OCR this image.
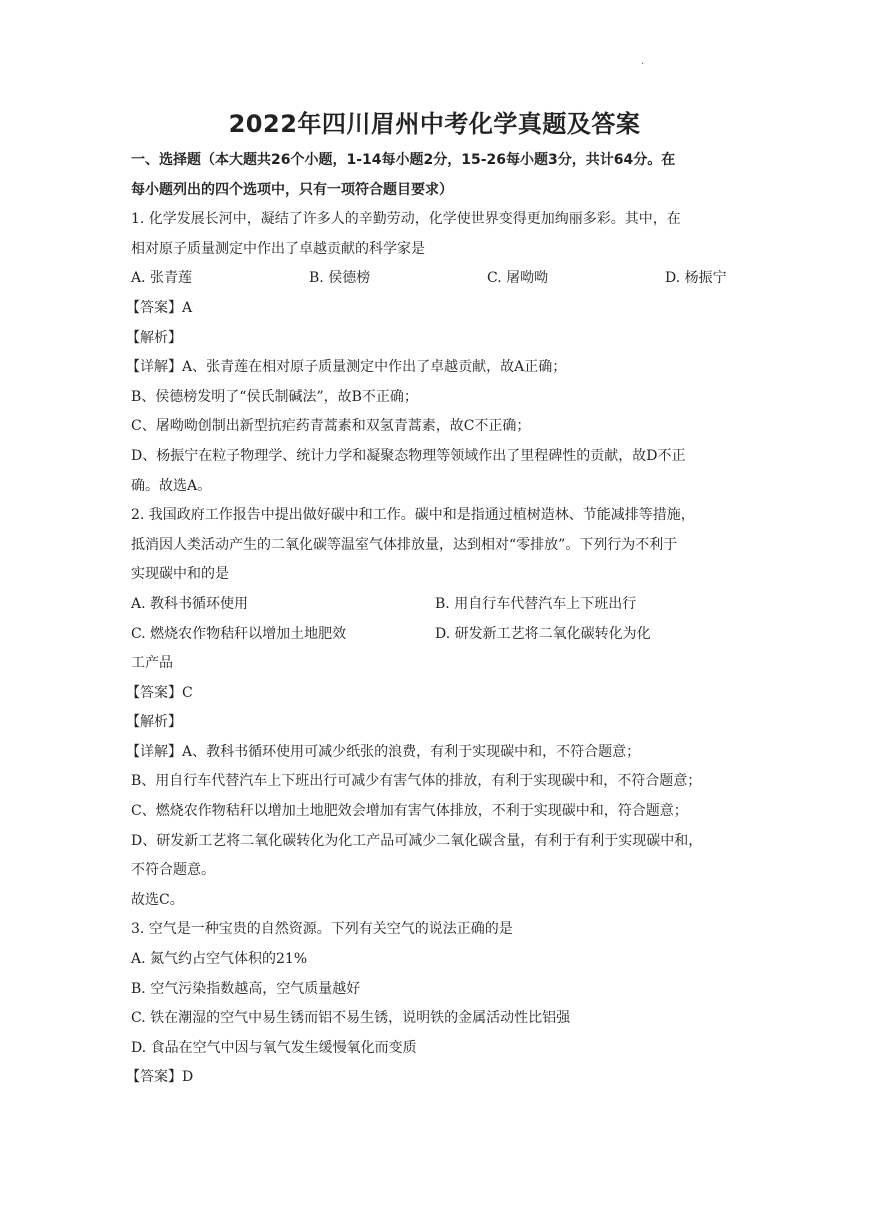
.
2022年四川眉州中考化学真题及答案
一、选择题（本大题共26个小题，1-14每小题2分，15-26每小题3分，共计64分。在
每小题列出的四个选项中，只有一项符合题目要求）
1. 化学发展长河中，凝结了许多人的辛勤劳动，化学使世界变得更加绚丽多彩。其中，在
相对原子质量测定中作出了卓越贡献的科学家是
A. 张青莲	B. 侯德榜	C. 屠呦呦	D. 杨振宁
【答案】A
【解析】
【详解】A、张青莲在相对原子质量测定中作出了卓越贡献，故A正确；
B、侯德榜发明了“侯氏制碱法”，故B不正确；
C、屠呦呦创制出新型抗疟药青蒿素和双氢青蒿素，故C不正确；
D、杨振宁在粒子物理学、统计力学和凝聚态物理等领域作出了里程碑性的贡献，故D不正
确。故选A。
2. 我国政府工作报告中提出做好碳中和工作。碳中和是指通过植树造林、节能减排等措施，
抵消因人类活动产生的二氧化碳等温室气体排放量，达到相对“零排放”。下列行为不利于
实现碳中和的是
A. 教科书循环使用	B. 用自行车代替汽车上下班出行
C. 燃烧农作物秸秆以增加土地肥效	D. 研发新工艺将二氧化碳转化为化
工产品
【答案】C
【解析】
【详解】A、教科书循环使用可减少纸张的浪费，有利于实现碳中和，不符合题意；
B、用自行车代替汽车上下班出行可减少有害气体的排放，有利于实现碳中和，不符合题意；
C、燃烧农作物秸秆以增加土地肥效会增加有害气体排放，不利于实现碳中和，符合题意；
D、研发新工艺将二氧化碳转化为化工产品可减少二氧化碳含量，有利于有利于实现碳中和，
不符合题意。
故选C。
3. 空气是一种宝贵的自然资源。下列有关空气的说法正确的是
A. 氮气约占空气体积的21%
B. 空气污染指数越高，空气质量越好
C. 铁在潮湿的空气中易生锈而铝不易生锈，说明铁的金属活动性比铝强
D. 食品在空气中因与氧气发生缓慢氧化而变质
【答案】D
